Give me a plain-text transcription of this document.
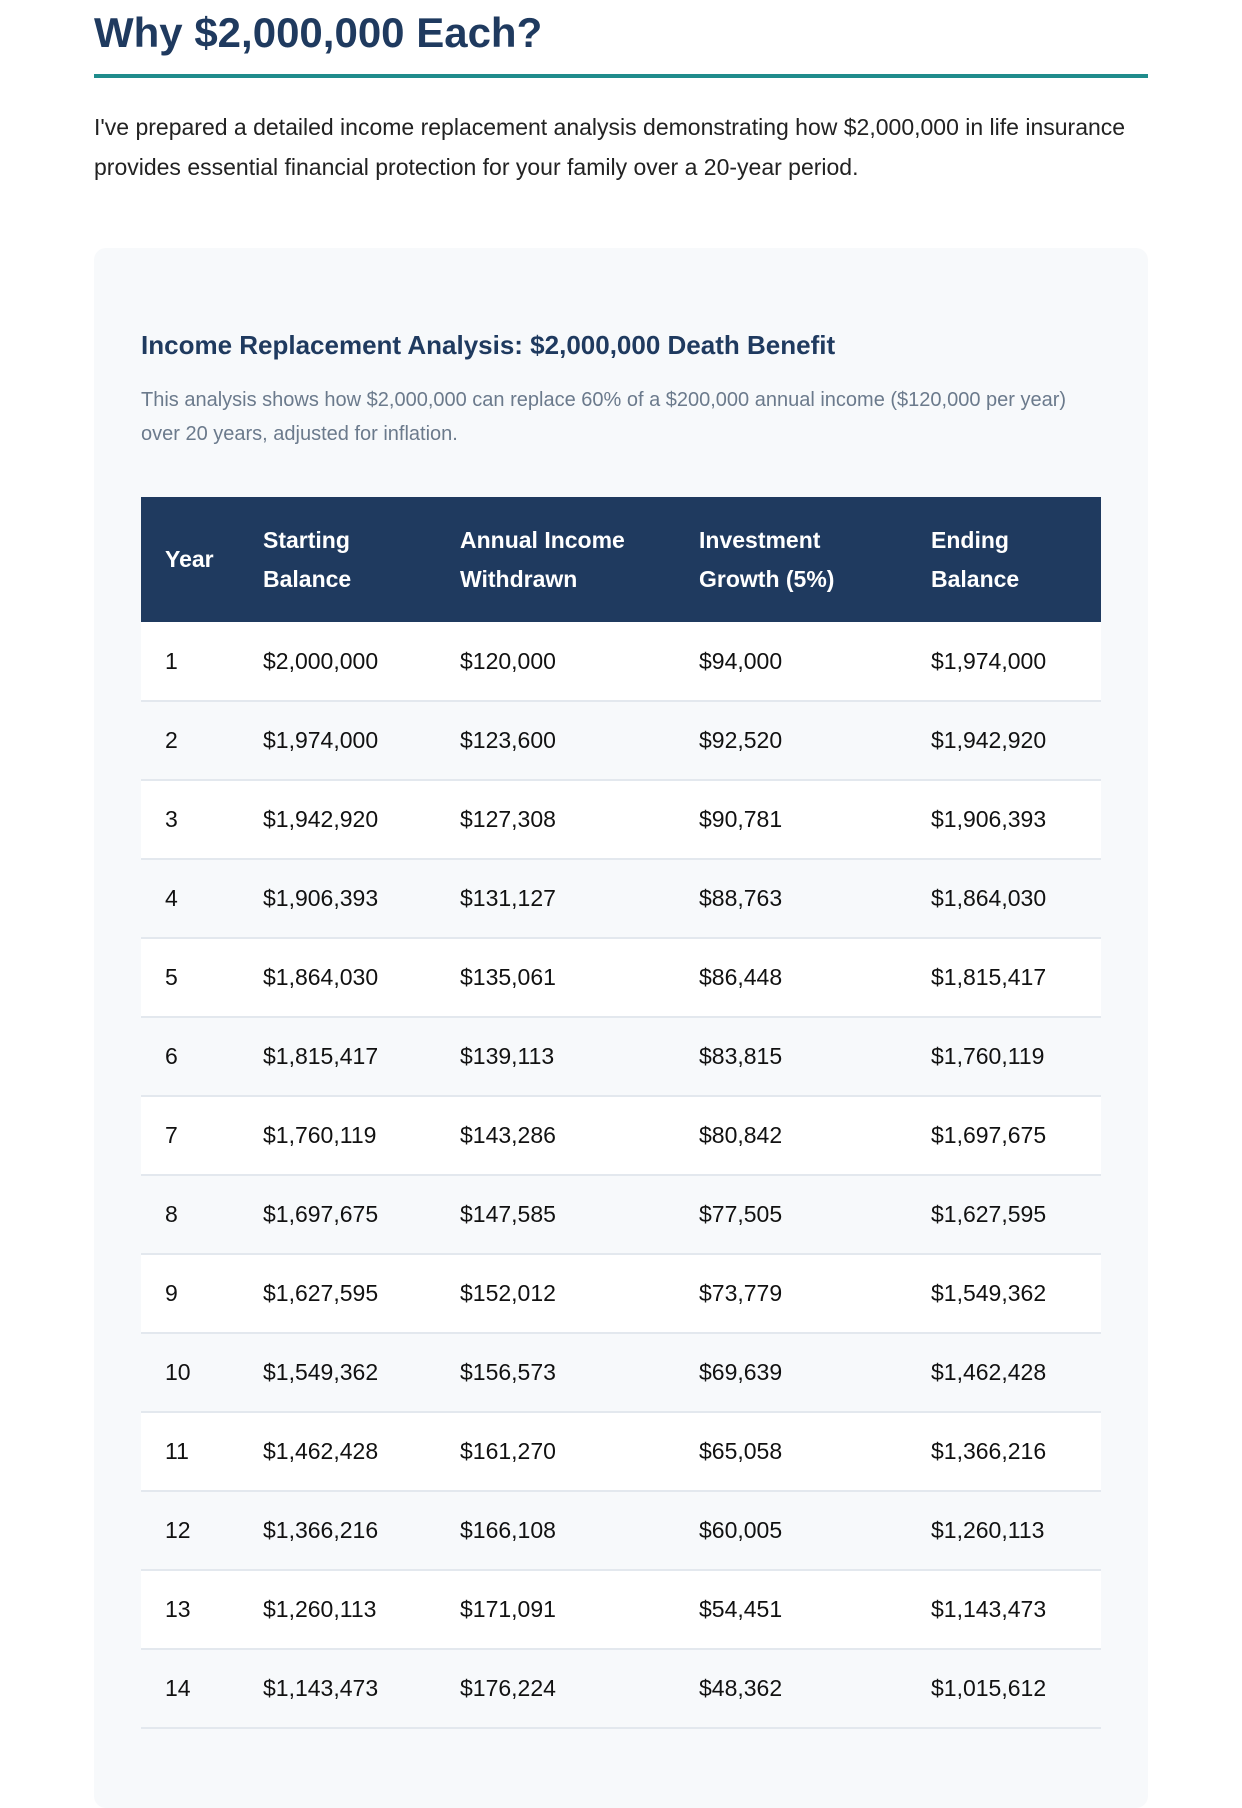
Why $2,000,000 Each?

I've prepared a detailed income replacement analysis demonstrating how $2,000,000 in life insurance provides essential financial protection for your family over a 20-year period.

Income Replacement Analysis: $2,000,000 Death Benefit

This analysis shows how $2,000,000 can replace 60% of a $200,000 annual income ($120,000 per year) over 20 years, adjusted for inflation.

Year	Starting Balance	Annual Income Withdrawn	Investment Growth (5%)	Ending Balance
1	$2,000,000	$120,000	$94,000	$1,974,000
2	$1,974,000	$123,600	$92,520	$1,942,920
3	$1,942,920	$127,308	$90,781	$1,906,393
4	$1,906,393	$131,127	$88,763	$1,864,030
5	$1,864,030	$135,061	$86,448	$1,815,417
6	$1,815,417	$139,113	$83,815	$1,760,119
7	$1,760,119	$143,286	$80,842	$1,697,675
8	$1,697,675	$147,585	$77,505	$1,627,595
9	$1,627,595	$152,012	$73,779	$1,549,362
10	$1,549,362	$156,573	$69,639	$1,462,428
11	$1,462,428	$161,270	$65,058	$1,366,216
12	$1,366,216	$166,108	$60,005	$1,260,113
13	$1,260,113	$171,091	$54,451	$1,143,473
14	$1,143,473	$176,224	$48,362	$1,015,612
